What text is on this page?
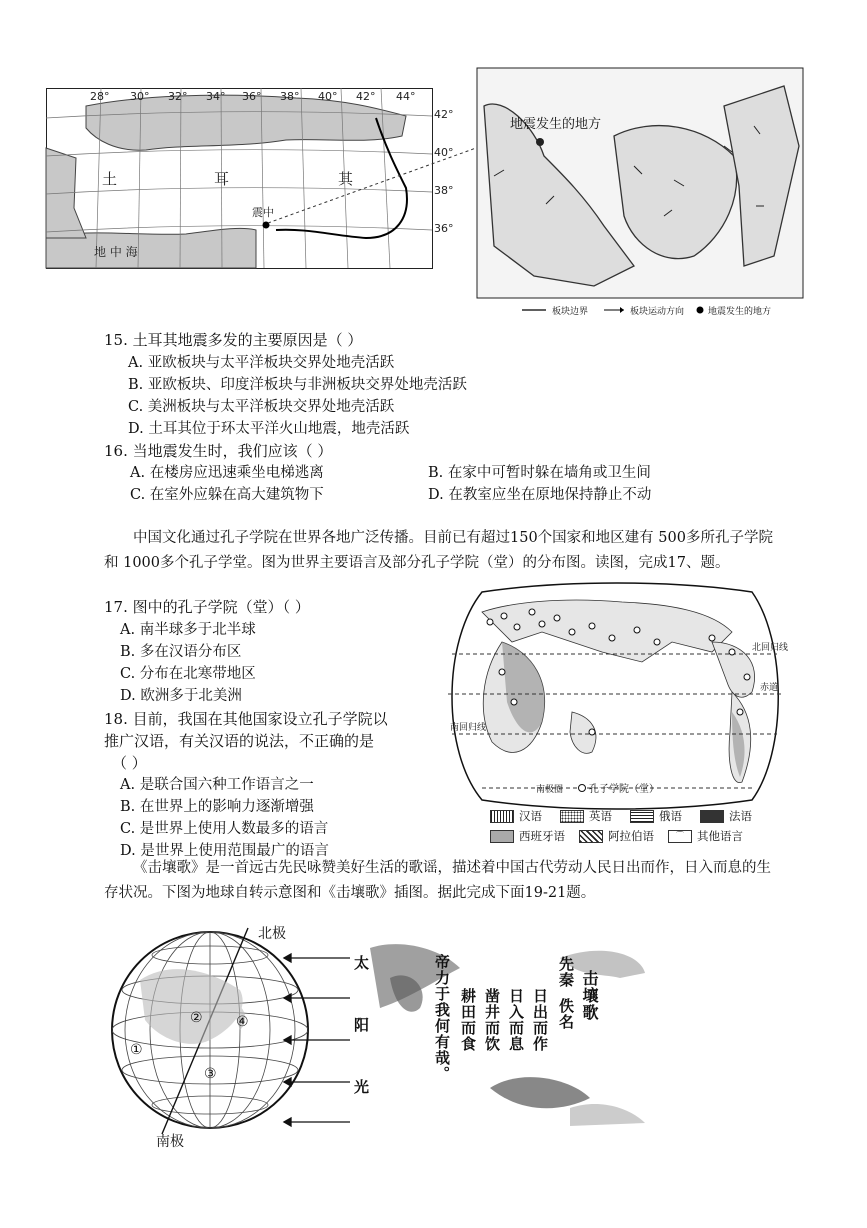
28° 30° 32° 34° 36° 38° 40° 42° 44°
42°
40°
38°
36°
土	耳	其
地 中 海
震中
地震发生的地方
板块边界	板块运动方向	地震发生的地方
15. 土耳其地震多发的主要原因是（ ）
A. 亚欧板块与太平洋板块交界处地壳活跃
B. 亚欧板块、印度洋板块与非洲板块交界处地壳活跃
C. 美洲板块与太平洋板块交界处地壳活跃
D. 土耳其位于环太平洋火山地震，地壳活跃
16. 当地震发生时，我们应该（ ）
A. 在楼房应迅速乘坐电梯逃离	B. 在家中可暂时躲在墙角或卫生间
C. 在室外应躲在高大建筑物下	D. 在教室应坐在原地保持静止不动
中国文化通过孔子学院在世界各地广泛传播。目前已有超过150个国家和地区建有 500多所孔子学院和 1000多个孔子学堂。图为世界主要语言及部分孔子学院（堂）的分布图。读图，完成17、题。
17. 图中的孔子学院（堂）（ ）
A. 南半球多于北半球
B. 多在汉语分布区
C. 分布在北寒带地区
D. 欧洲多于北美洲
18. 目前，我国在其他国家设立孔子学院以
推广汉语，有关汉语的说法，不正确的是
（ ）
A. 是联合国六种工作语言之一
B. 在世界上的影响力逐渐增强
C. 是世界上使用人数最多的语言
D. 是世界上使用范围最广的语言
北回归线
赤道
南回归线
南极圈	孔子学院（堂）
汉语	英语	俄语	法语
西班牙语	阿拉伯语	⌒	其他语言
《击壤歌》是一首远古先民咏赞美好生活的歌谣，描述着中国古代劳动人民日出而作，日入而息的生存状况。下图为地球自转示意图和《击壤歌》插图。据此完成下面19-21题。
①
②
③
④
北极
南极
太
阳
光
击壤歌
先秦
佚名
日出而作
日入而息
凿井而饮
耕田而食
帝力于我何有哉。
